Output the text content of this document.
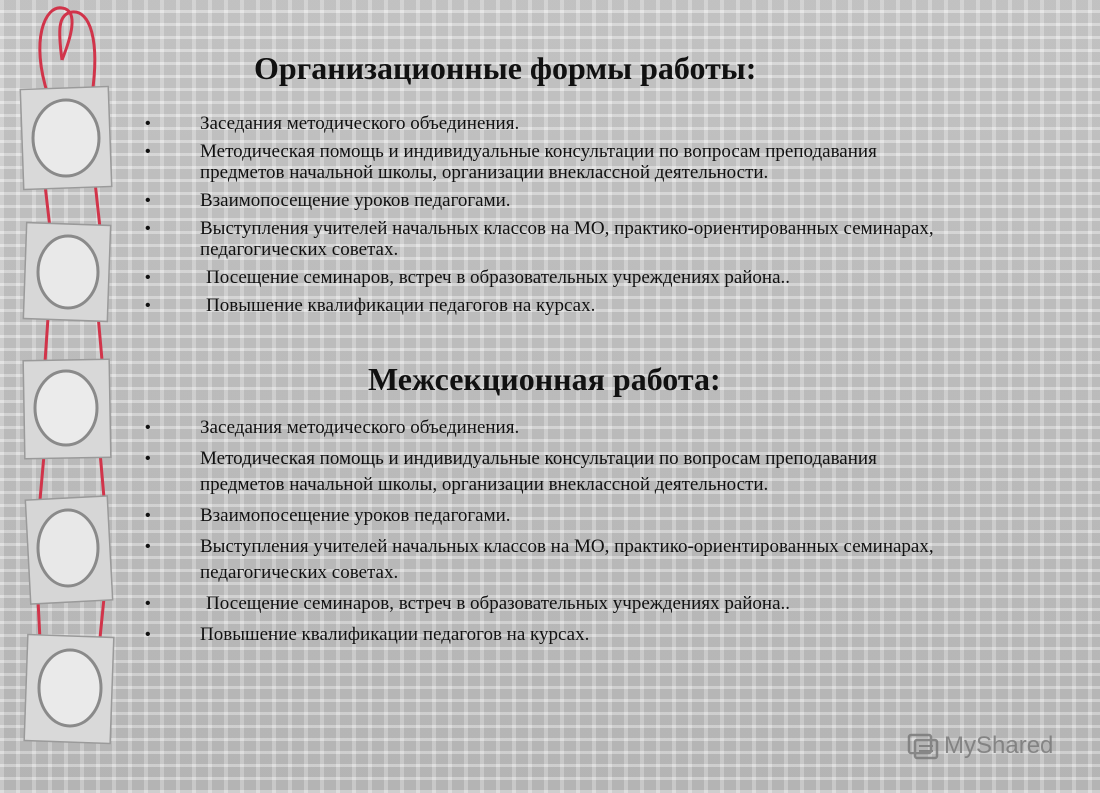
Организационные формы работы:
•	Заседания методического объединения.
•	Методическая помощь и индивидуальные консультации по вопросам преподавания предметов начальной школы, организации внеклассной деятельности.
•	Взаимопосещение уроков педагогами.
•	Выступления учителей начальных классов на МО, практико-ориентированных семинарах, педагогических советах.
•	Посещение семинаров, встреч в образовательных учреждениях района..
•	Повышение квалификации педагогов на курсах.
Межсекционная работа:
•	Заседания методического объединения.
•	Методическая помощь и индивидуальные консультации по вопросам преподавания предметов начальной школы, организации внеклассной деятельности.
•	Взаимопосещение уроков педагогами.
•	Выступления учителей начальных классов на МО, практико-ориентированных семинарах, педагогических советах.
•	Посещение семинаров, встреч в образовательных учреждениях района..
•	Повышение квалификации педагогов на курсах.
MyShared
